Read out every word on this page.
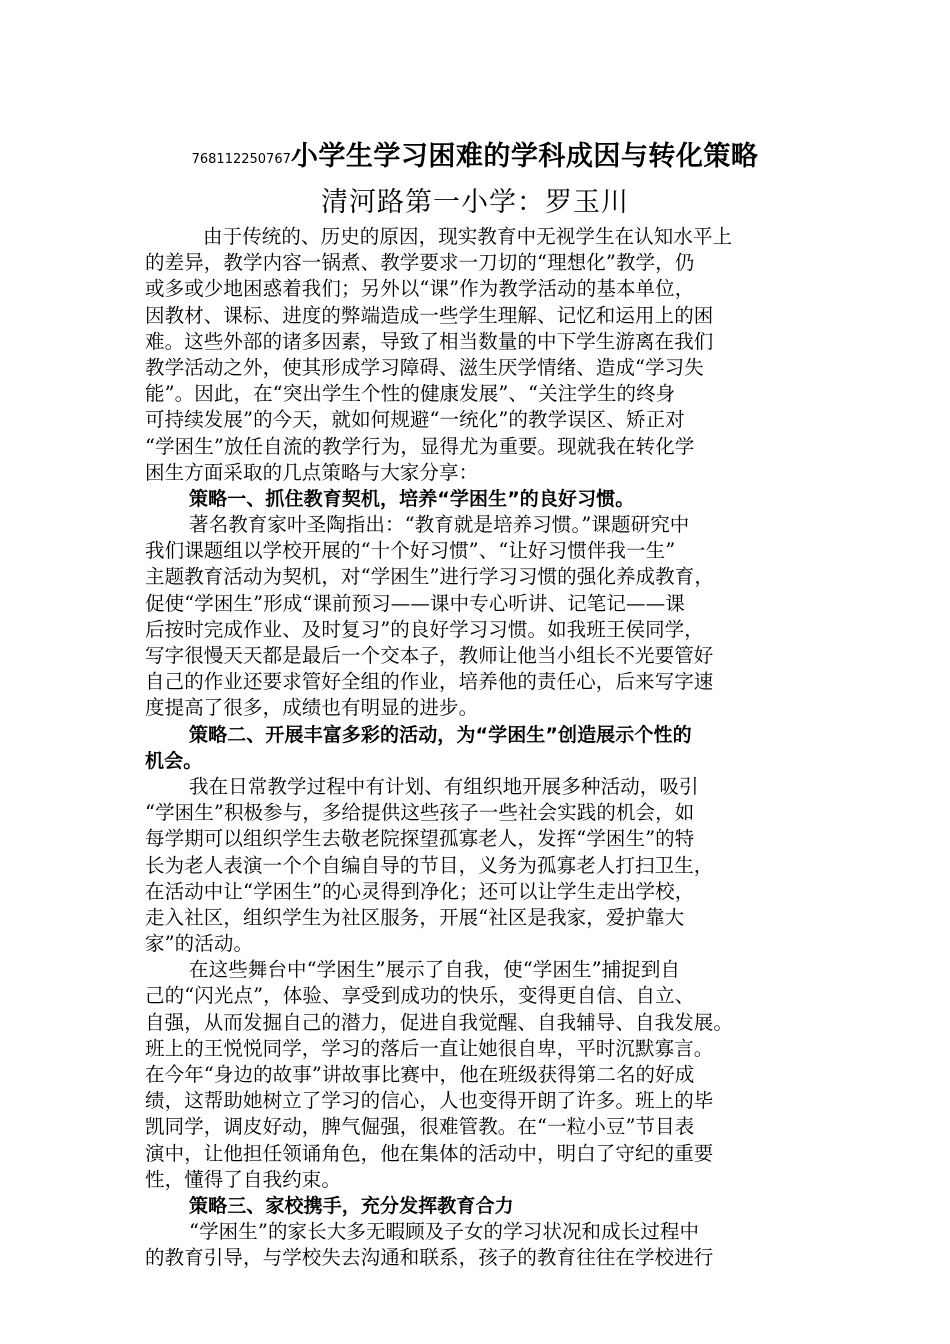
768112250767小学生学习困难的学科成因与转化策略
清河路第一小学：罗玉川
由于传统的、历史的原因，现实教育中无视学生在认知水平上
的差异，教学内容一锅煮、教学要求一刀切的“理想化”教学，仍
或多或少地困惑着我们；另外以“课”作为教学活动的基本单位，
因教材、课标、进度的弊端造成一些学生理解、记忆和运用上的困
难。这些外部的诸多因素，导致了相当数量的中下学生游离在我们
教学活动之外，使其形成学习障碍、滋生厌学情绪、造成“学习失
能”。因此，在“突出学生个性的健康发展”、“关注学生的终身
可持续发展”的今天，就如何规避“一统化”的教学误区、矫正对
“学困生”放任自流的教学行为，显得尤为重要。现就我在转化学
困生方面采取的几点策略与大家分享：
策略一、抓住教育契机，培养“学困生”的良好习惯。
著名教育家叶圣陶指出：“教育就是培养习惯。”课题研究中
我们课题组以学校开展的“十个好习惯”、“让好习惯伴我一生”
主题教育活动为契机，对“学困生”进行学习习惯的强化养成教育，
促使“学困生”形成“课前预习——课中专心听讲、记笔记——课
后按时完成作业、及时复习”的良好学习习惯。如我班王侯同学，
写字很慢天天都是最后一个交本子，教师让他当小组长不光要管好
自己的作业还要求管好全组的作业，培养他的责任心，后来写字速
度提高了很多，成绩也有明显的进步。
策略二、开展丰富多彩的活动，为“学困生”创造展示个性的
机会。
我在日常教学过程中有计划、有组织地开展多种活动，吸引
“学困生”积极参与，多给提供这些孩子一些社会实践的机会，如
每学期可以组织学生去敬老院探望孤寡老人，发挥“学困生”的特
长为老人表演一个个自编自导的节目，义务为孤寡老人打扫卫生，
在活动中让“学困生”的心灵得到净化；还可以让学生走出学校，
走入社区，组织学生为社区服务，开展“社区是我家，爱护靠大
家”的活动。
在这些舞台中“学困生”展示了自我，使“学困生”捕捉到自
己的“闪光点”，体验、享受到成功的快乐，变得更自信、自立、
自强，从而发掘自己的潜力，促进自我觉醒、自我辅导、自我发展。
班上的王悦悦同学，学习的落后一直让她很自卑，平时沉默寡言。
在今年“身边的故事”讲故事比赛中，他在班级获得第二名的好成
绩，这帮助她树立了学习的信心，人也变得开朗了许多。班上的毕
凯同学，调皮好动，脾气倔强，很难管教。在“一粒小豆”节目表
演中，让他担任领诵角色，他在集体的活动中，明白了守纪的重要
性，懂得了自我约束。
策略三、家校携手，充分发挥教育合力
“学困生”的家长大多无暇顾及子女的学习状况和成长过程中
的教育引导，与学校失去沟通和联系，孩子的教育往往在学校进行
